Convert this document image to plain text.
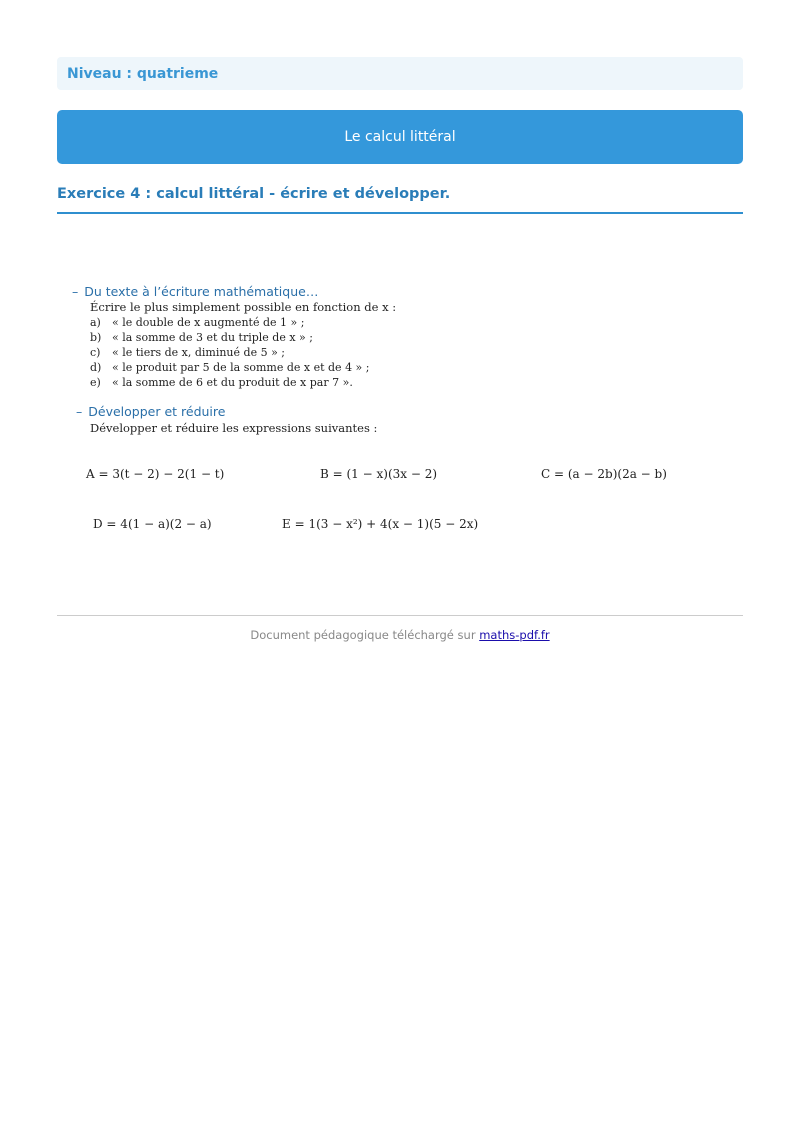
Niveau : quatrieme
Le calcul littéral
Exercice 4 : calcul littéral - écrire et développer.
– Du texte à l’écriture mathématique…
Écrire le plus simplement possible en fonction de x :
a) « le double de x augmenté de 1 » ;
b) « la somme de 3 et du triple de x » ;
c) « le tiers de x, diminué de 5 » ;
d) « le produit par 5 de la somme de x et de 4 » ;
e) « la somme de 6 et du produit de x par 7 ».
– Développer et réduire
Développer et réduire les expressions suivantes :
A = 3(t − 2) − 2(1 − t)	B = (1 − x)(3x − 2)	C = (a − 2b)(2a − b)
D = 4(1 − a)(2 − a)	E = 1(3 − x²) + 4(x − 1)(5 − 2x)
Document pédagogique téléchargé sur maths-pdf.fr
